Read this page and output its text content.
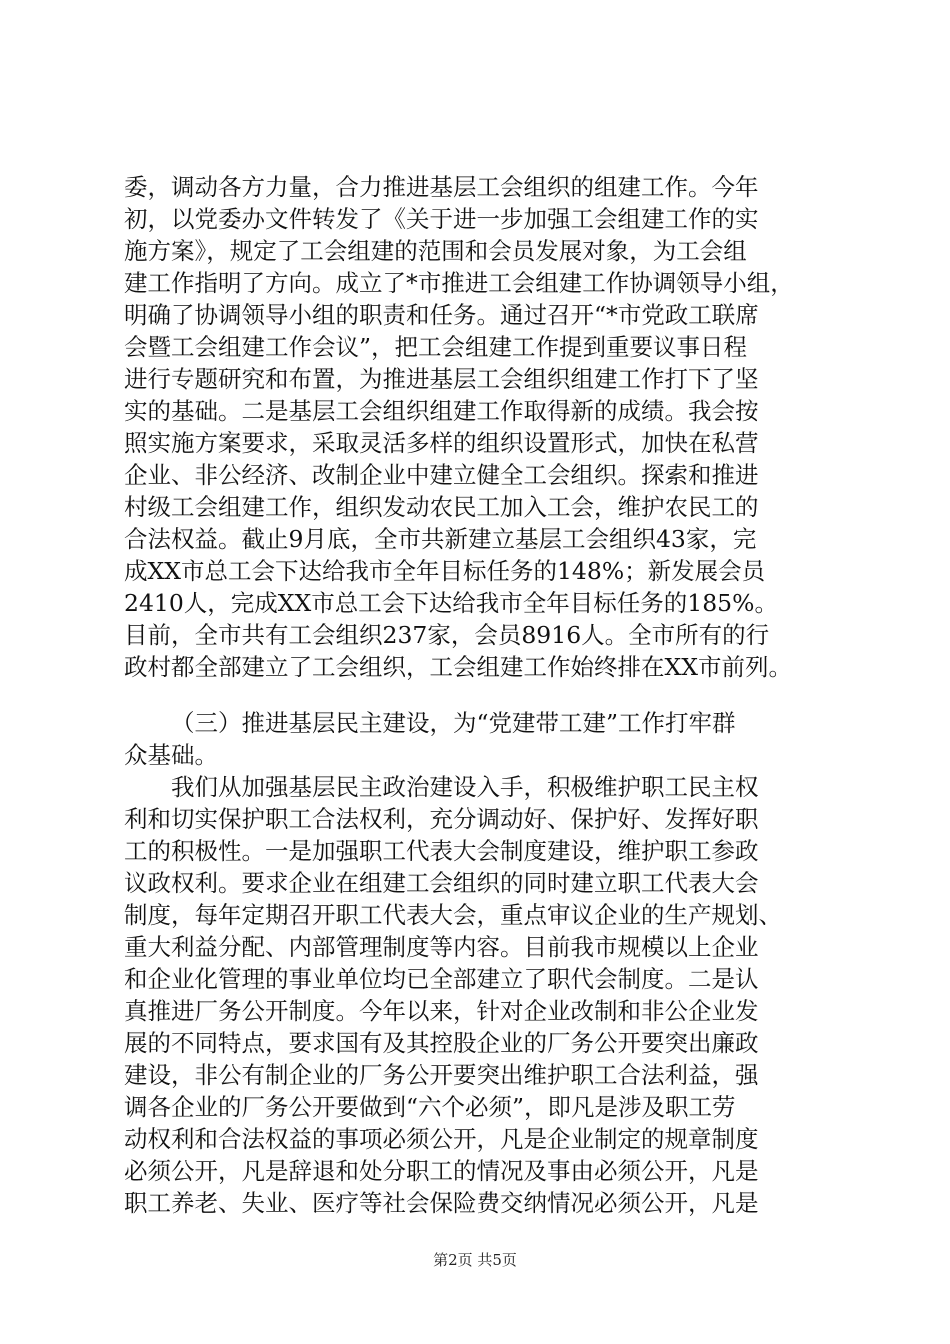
委，调动各方力量，合力推进基层工会组织的组建工作。今年
初，以党委办文件转发了《关于进一步加强工会组建工作的实
施方案》，规定了工会组建的范围和会员发展对象，为工会组
建工作指明了方向。成立了*市推进工会组建工作协调领导小组，
明确了协调领导小组的职责和任务。通过召开“*市党政工联席
会暨工会组建工作会议”，把工会组建工作提到重要议事日程
进行专题研究和布置，为推进基层工会组织组建工作打下了坚
实的基础。二是基层工会组织组建工作取得新的成绩。我会按
照实施方案要求，采取灵活多样的组织设置形式，加快在私营
企业、非公经济、改制企业中建立健全工会组织。探索和推进
村级工会组建工作，组织发动农民工加入工会，维护农民工的
合法权益。截止9月底，全市共新建立基层工会组织43家，完
成XX市总工会下达给我市全年目标任务的148%；新发展会员
2410人，完成XX市总工会下达给我市全年目标任务的185%。
目前，全市共有工会组织237家，会员8916人。全市所有的行
政村都全部建立了工会组织，工会组建工作始终排在XX市前列。
（三）推进基层民主建设，为“党建带工建”工作打牢群
众基础。
我们从加强基层民主政治建设入手，积极维护职工民主权
利和切实保护职工合法权利，充分调动好、保护好、发挥好职
工的积极性。一是加强职工代表大会制度建设，维护职工参政
议政权利。要求企业在组建工会组织的同时建立职工代表大会
制度，每年定期召开职工代表大会，重点审议企业的生产规划、
重大利益分配、内部管理制度等内容。目前我市规模以上企业
和企业化管理的事业单位均已全部建立了职代会制度。二是认
真推进厂务公开制度。今年以来，针对企业改制和非公企业发
展的不同特点，要求国有及其控股企业的厂务公开要突出廉政
建设，非公有制企业的厂务公开要突出维护职工合法利益，强
调各企业的厂务公开要做到“六个必须”，即凡是涉及职工劳
动权利和合法权益的事项必须公开，凡是企业制定的规章制度
必须公开，凡是辞退和处分职工的情况及事由必须公开，凡是
职工养老、失业、医疗等社会保险费交纳情况必须公开，凡是
第2页 共5页
